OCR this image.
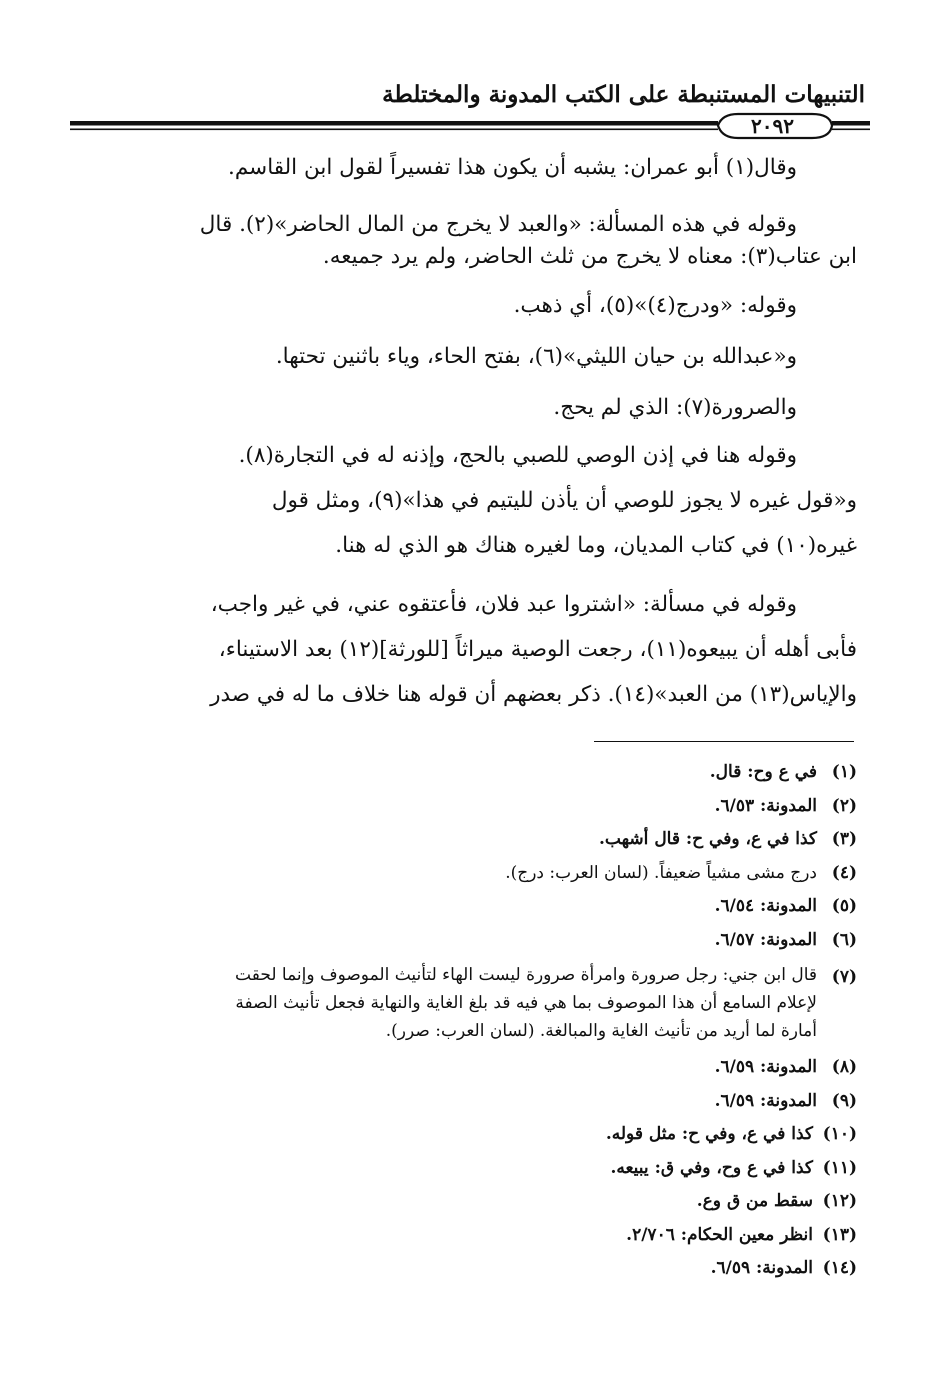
التنبيهات المستنبطة على الكتب المدونة والمختلطة
٢٠٩٢

وقال(١) أبو عمران: يشبه أن يكون هذا تفسيراً لقول ابن القاسم.

وقوله في هذه المسألة: «والعبد لا يخرج من المال الحاضر»(٢). قال
ابن عتاب(٣): معناه لا يخرج من ثلث الحاضر، ولم يرد جميعه.

وقوله: «ودرج(٤)»(٥)، أي ذهب.

و«عبدالله بن حيان الليثي»(٦)، بفتح الحاء، وياء باثنين تحتها.

والصرورة(٧): الذي لم يحج.

وقوله هنا في إذن الوصي للصبي بالحج، وإذنه له في التجارة(٨).
و«قول غيره لا يجوز للوصي أن يأذن لليتيم في هذا»(٩)، ومثل قول
غيره(١٠) في كتاب المديان، وما لغيره هناك هو الذي له هنا.

وقوله في مسألة: «اشتروا عبد فلان، فأعتقوه عني، في غير واجب،
فأبى أهله أن يبيعوه(١١)، رجعت الوصية ميراثاً [للورثة](١٢) بعد الاستيناء،
والإياس(١٣) من العبد»(١٤). ذكر بعضهم أن قوله هنا خلاف ما له في صدر

(١)
في ع وح: قال.
(٢)
المدونة: ٦/٥٣.
(٣)
كذا في ع، وفي ح: قال أشهب.
(٤)
درج مشى مشياً ضعيفاً. (لسان العرب: درج).
(٥)
المدونة: ٦/٥٤.
(٦)
المدونة: ٦/٥٧.
(٧)
قال ابن جني: رجل صرورة وامرأة صرورة ليست الهاء لتأنيث الموصوف وإنما لحقت
لإعلام السامع أن هذا الموصوف بما هي فيه قد بلغ الغاية والنهاية فجعل تأنيث الصفة
أمارة لما أريد من تأنيث الغاية والمبالغة. (لسان العرب: صرر).
(٨)
المدونة: ٦/٥٩.
(٩)
المدونة: ٦/٥٩.
(١٠)
كذا في ع، وفي ح: مثل قوله.
(١١)
كذا في ع وح، وفي ق: يبيعه.
(١٢)
سقط من ق وع.
(١٣)
انظر معين الحكام: ٢/٧٠٦.
(١٤)
المدونة: ٦/٥٩.
